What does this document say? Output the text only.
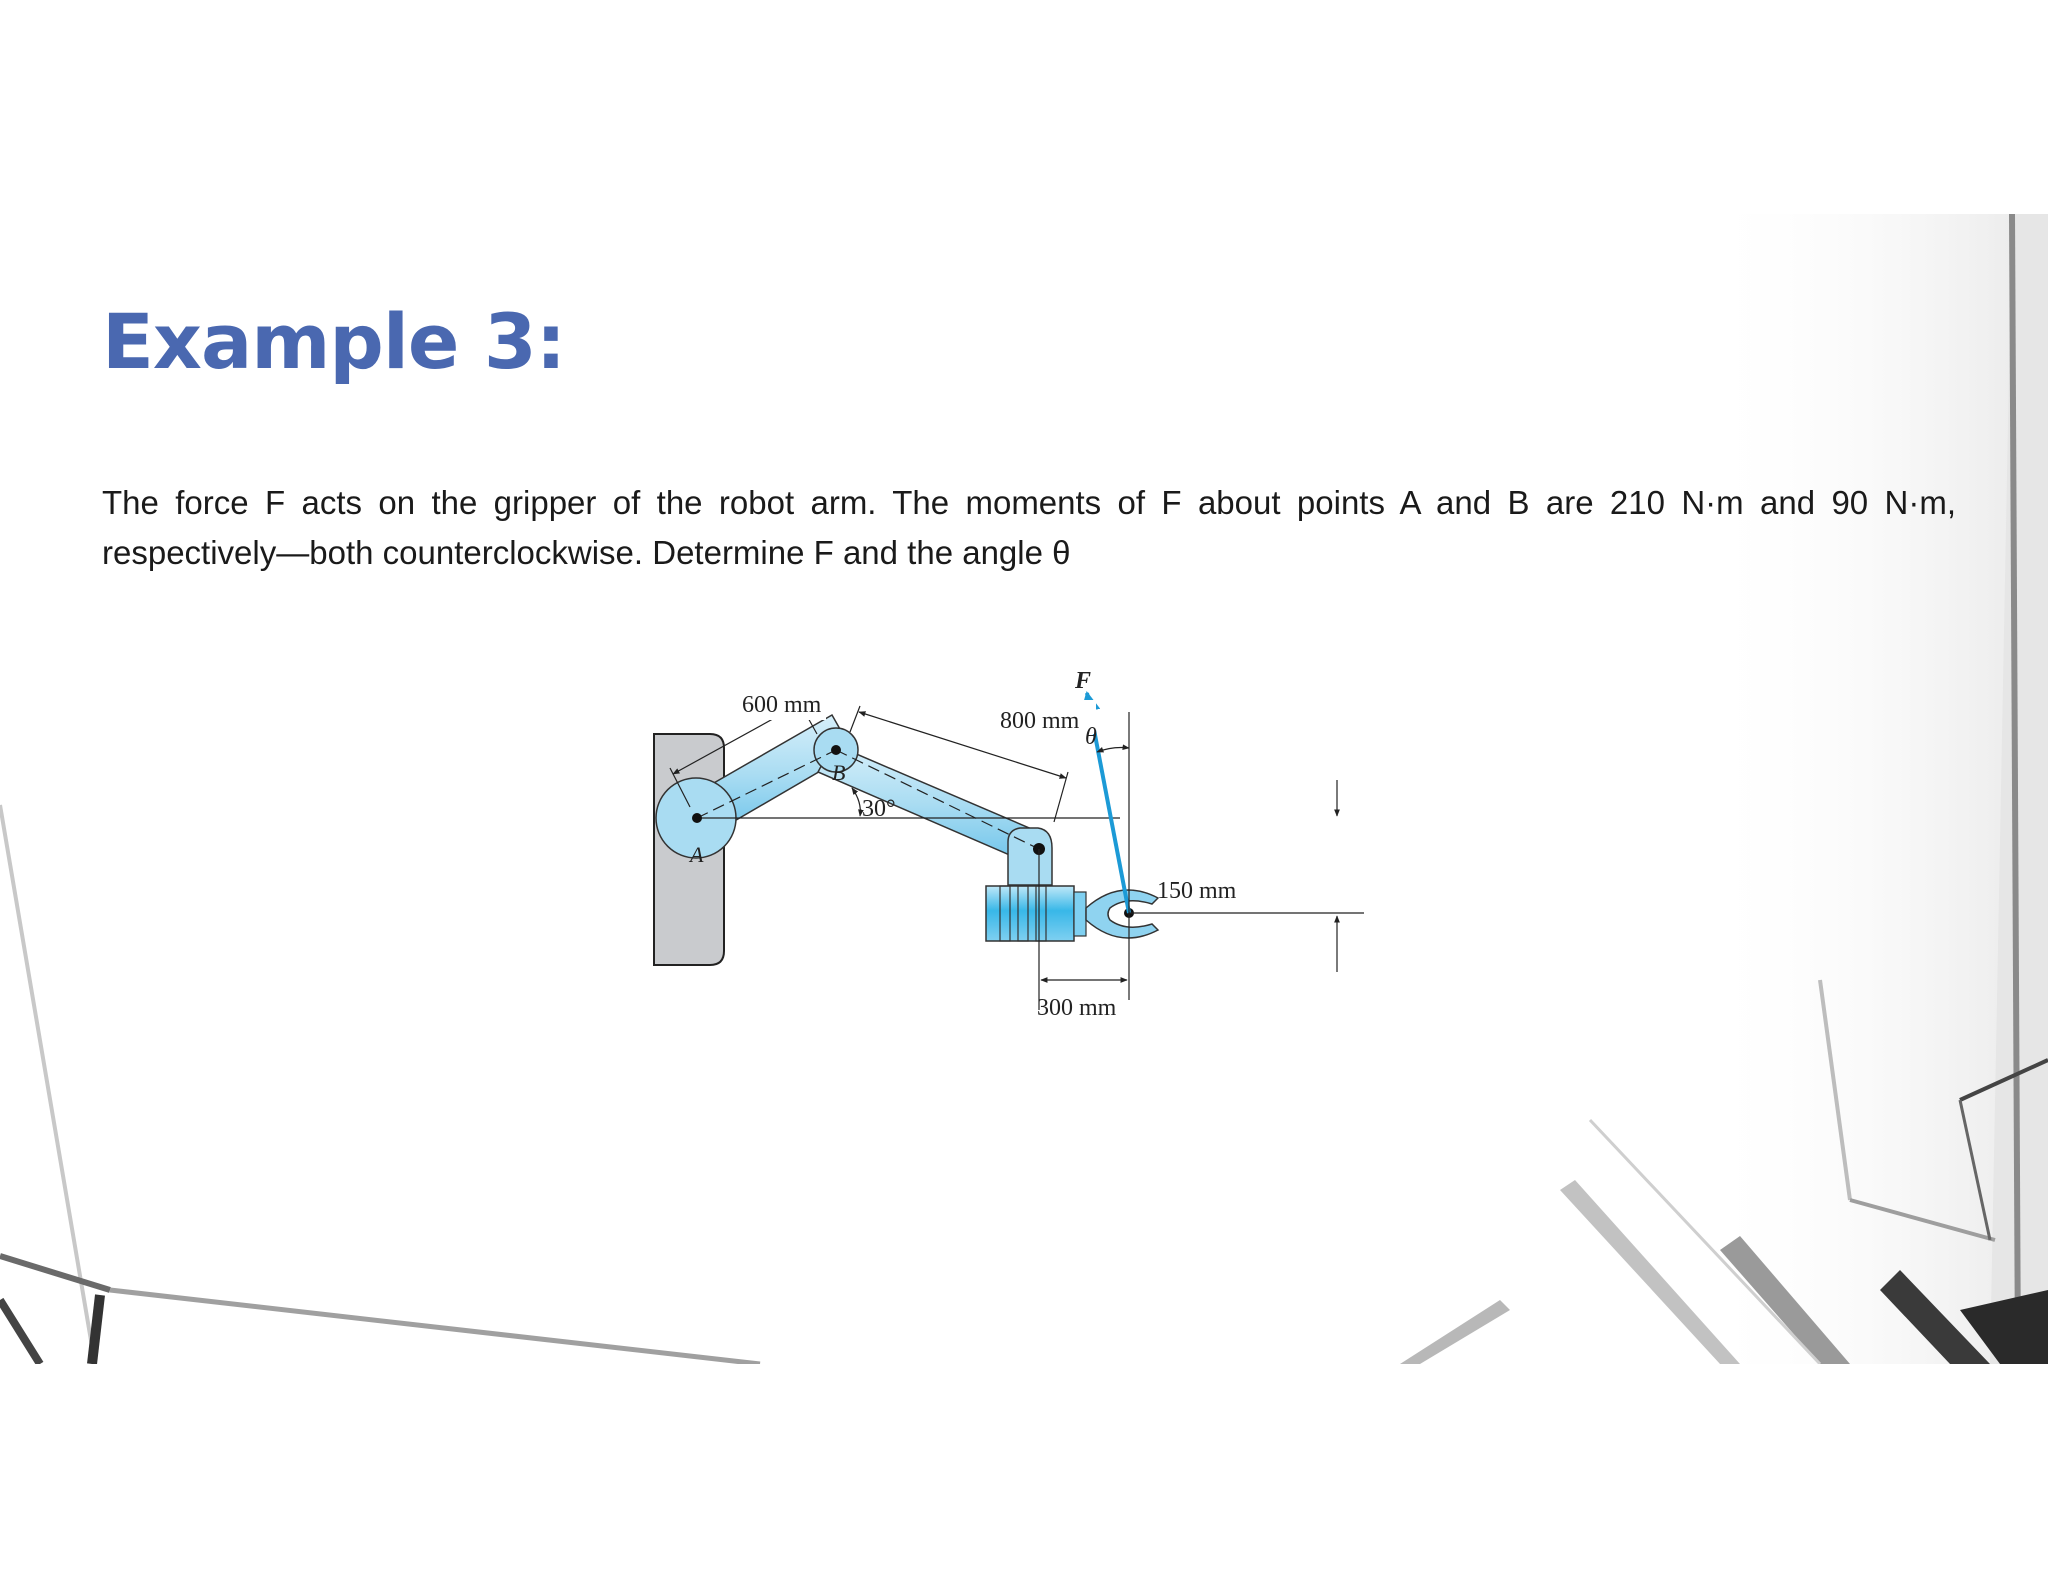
Example 3:

The force F acts on the gripper of the robot arm. The moments of F about points A and B are 210 N·m and 90 N·m, respectively—both counterclockwise. Determine F and the angle θ

600 mm
800 mm
30°
A
B
F
θ
150 mm
300 mm
